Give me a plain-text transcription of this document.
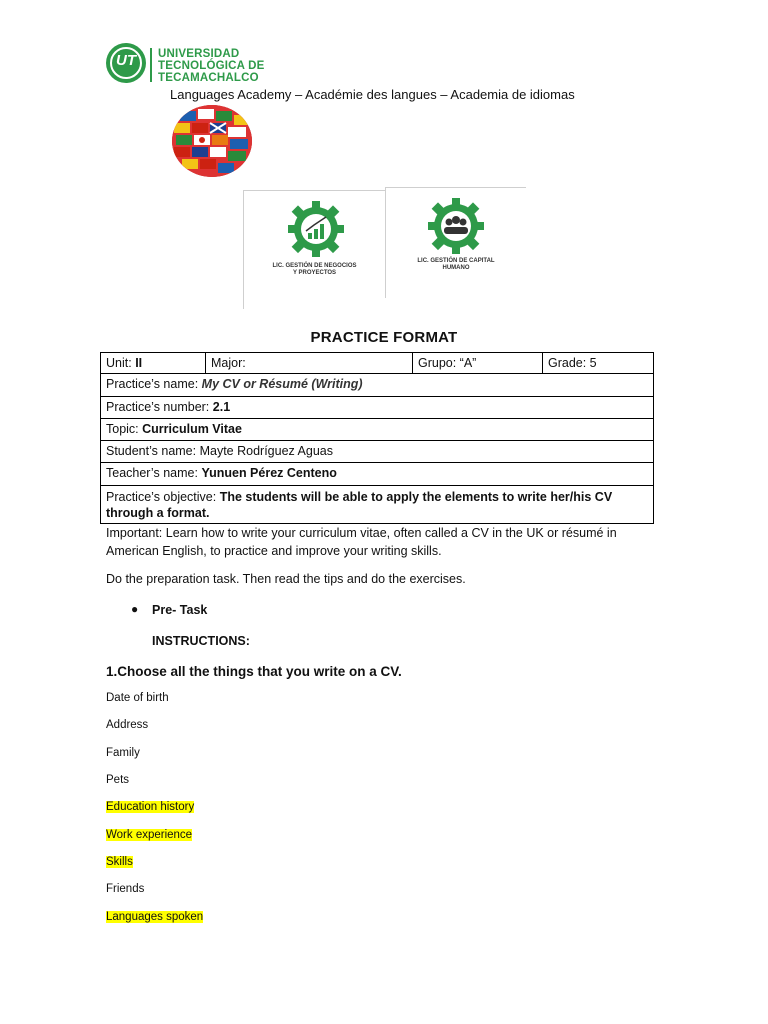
UT	UNIVERSIDAD
TECNOLÓGICA DE
TECAMACHALCO
Languages Academy – Académie des langues – Academia de idiomas
LIC. GESTIÓN DE NEGOCIOS
Y PROYECTOS
LIC. GESTIÓN DE CAPITAL
HUMANO
PRACTICE FORMAT
Unit: II	Major:	Grupo: “A”	Grade: 5
Practice’s name: My CV or Résumé (Writing)
Practice’s number: 2.1
Topic: Curriculum Vitae
Student’s name: Mayte Rodríguez Aguas
Teacher’s name: Yunuen Pérez Centeno
Practice’s objective: The students will be able to apply the elements to write her/his CV through a format.
Important: Learn how to write your curriculum vitae, often called a CV in the UK or résumé in American English, to practice and improve your writing skills.
Do the preparation task. Then read the tips and do the exercises.
● Pre- Task
INSTRUCTIONS:
1.Choose all the things that you write on a CV.
Date of birth
Address
Family
Pets
Education history
Work experience
Skills
Friends
Languages spoken
